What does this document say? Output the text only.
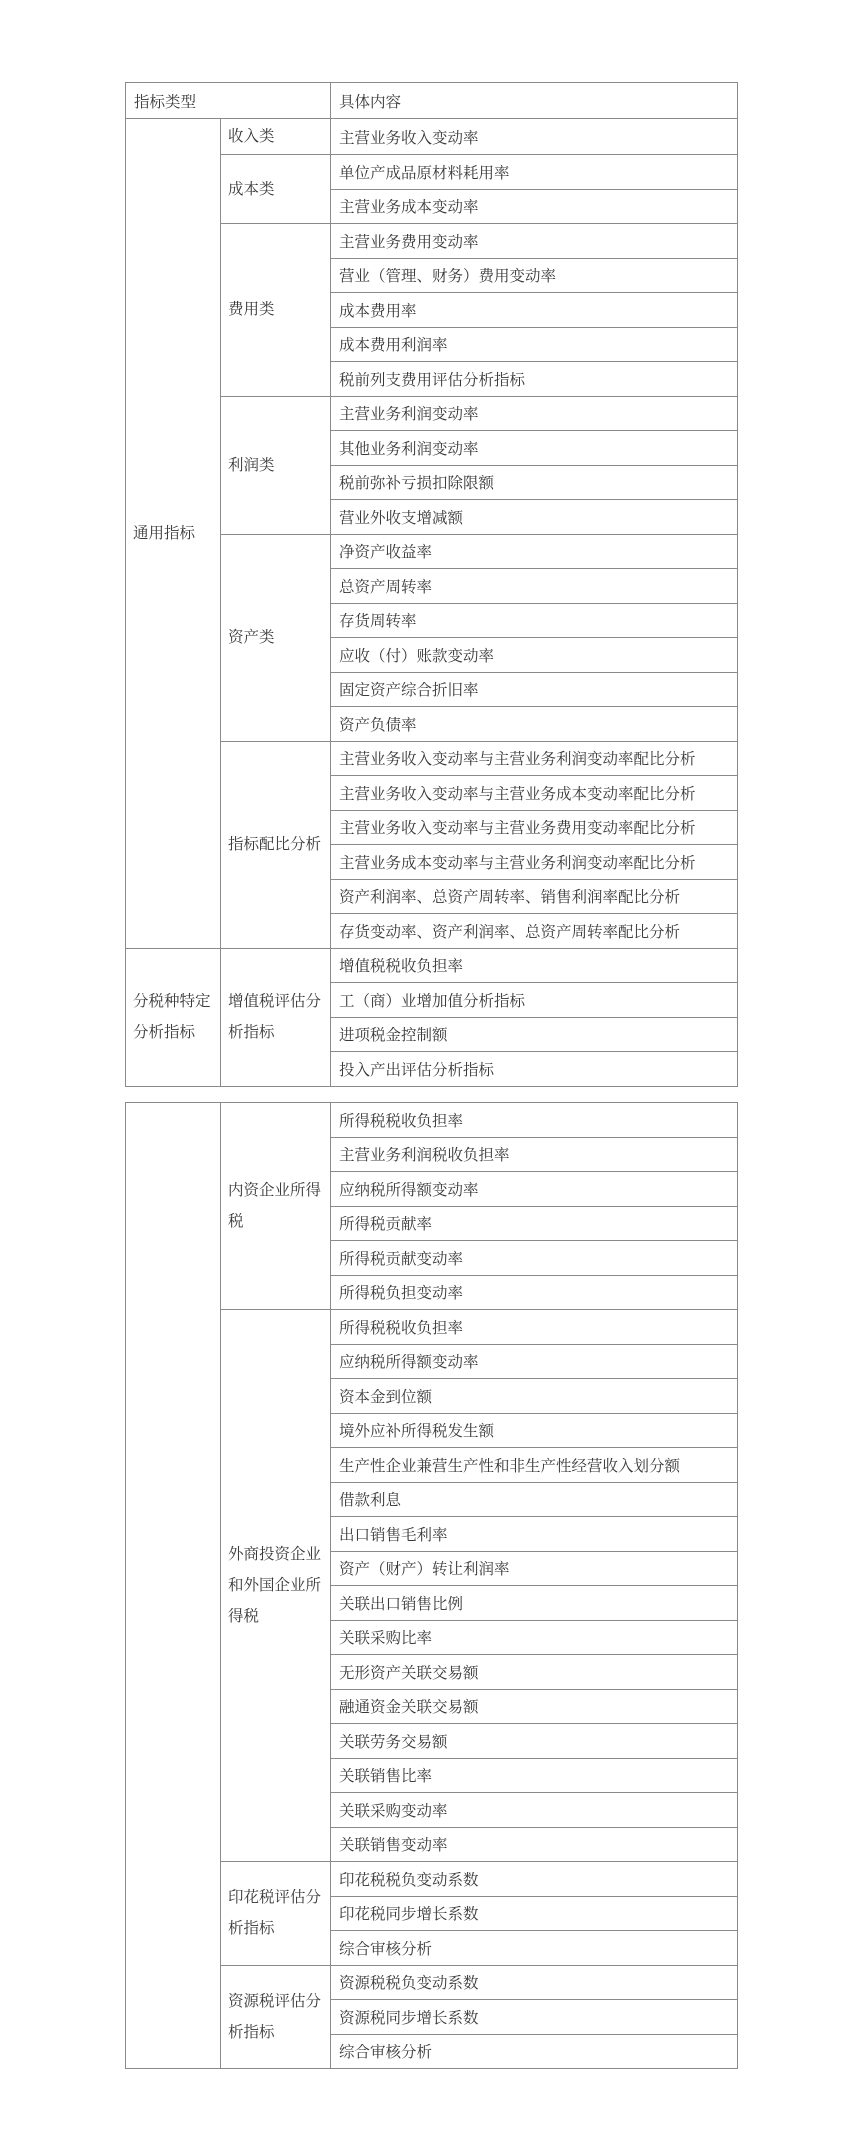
指标类型		具体内容
通用指标	收入类	主营业务收入变动率
	成本类	单位产成品原材料耗用率
		主营业务成本变动率
	费用类	主营业务费用变动率
		营业（管理、财务）费用变动率
		成本费用率
		成本费用利润率
		税前列支费用评估分析指标
	利润类	主营业务利润变动率
		其他业务利润变动率
		税前弥补亏损扣除限额
		营业外收支增减额
	资产类	净资产收益率
		总资产周转率
		存货周转率
		应收（付）账款变动率
		固定资产综合折旧率
		资产负债率
	指标配比分析	主营业务收入变动率与主营业务利润变动率配比分析
		主营业务收入变动率与主营业务成本变动率配比分析
		主营业务收入变动率与主营业务费用变动率配比分析
		主营业务成本变动率与主营业务利润变动率配比分析
		资产利润率、总资产周转率、销售利润率配比分析
		存货变动率、资产利润率、总资产周转率配比分析
分税种特定分析指标	增值税评估分析指标	增值税税收负担率
		工（商）业增加值分析指标
		进项税金控制额
		投入产出评估分析指标
	内资企业所得税	所得税税收负担率
		主营业务利润税收负担率
		应纳税所得额变动率
		所得税贡献率
		所得税贡献变动率
		所得税负担变动率
	外商投资企业和外国企业所得税	所得税税收负担率
		应纳税所得额变动率
		资本金到位额
		境外应补所得税发生额
		生产性企业兼营生产性和非生产性经营收入划分额
		借款利息
		出口销售毛利率
		资产（财产）转让利润率
		关联出口销售比例
		关联采购比率
		无形资产关联交易额
		融通资金关联交易额
		关联劳务交易额
		关联销售比率
		关联采购变动率
		关联销售变动率
	印花税评估分析指标	印花税税负变动系数
		印花税同步增长系数
		综合审核分析
	资源税评估分析指标	资源税税负变动系数
		资源税同步增长系数
		综合审核分析
